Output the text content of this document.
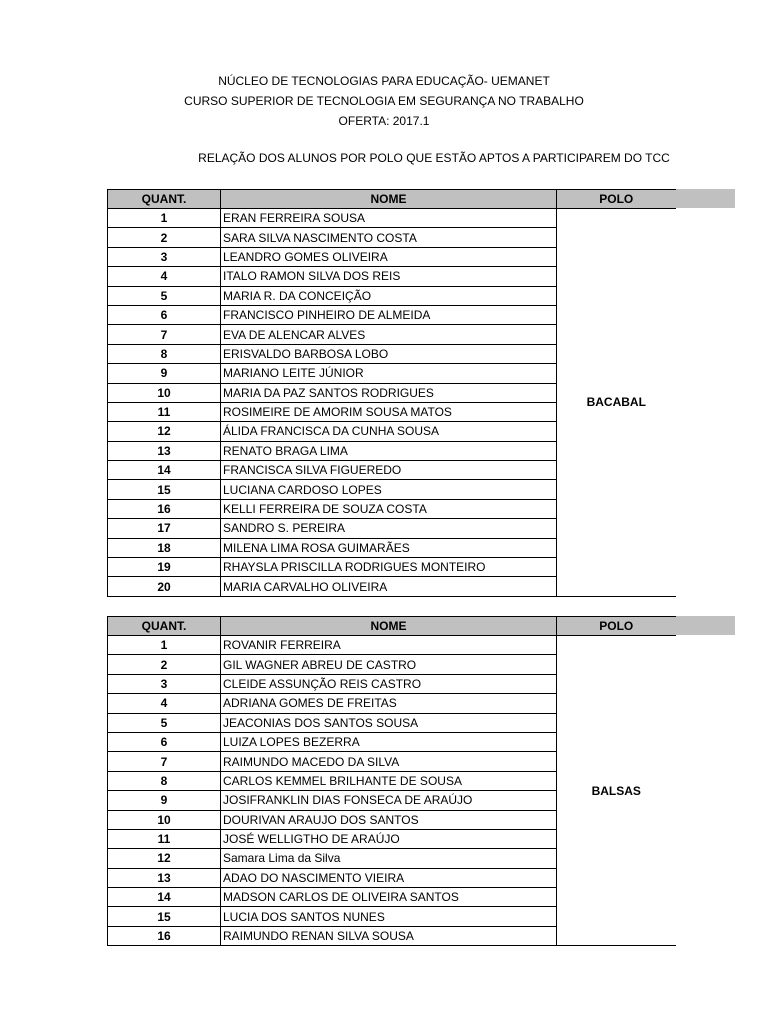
NÚCLEO DE TECNOLOGIAS PARA EDUCAÇÃO- UEMANET
CURSO SUPERIOR DE TECNOLOGIA EM SEGURANÇA NO TRABALHO
OFERTA: 2017.1
RELAÇÃO DOS ALUNOS POR POLO QUE ESTÃO APTOS A PARTICIPAREM DO TCC
QUANT.	NOME	POLO
1	ERAN FERREIRA SOUSA	BACABAL
2	SARA SILVA NASCIMENTO COSTA	
3	LEANDRO GOMES OLIVEIRA	
4	ITALO RAMON SILVA DOS REIS	
5	MARIA R. DA CONCEIÇÃO	
6	FRANCISCO PINHEIRO DE ALMEIDA	
7	EVA DE ALENCAR ALVES	
8	ERISVALDO BARBOSA LOBO	
9	MARIANO LEITE JÚNIOR	
10	MARIA DA PAZ SANTOS RODRIGUES	
11	ROSIMEIRE DE AMORIM SOUSA MATOS	
12	ÁLIDA FRANCISCA DA CUNHA SOUSA	
13	RENATO BRAGA LIMA	
14	FRANCISCA SILVA FIGUEREDO	
15	LUCIANA CARDOSO LOPES	
16	KELLI FERREIRA DE SOUZA COSTA	
17	SANDRO S. PEREIRA	
18	MILENA LIMA ROSA GUIMARÃES	
19	RHAYSLA PRISCILLA RODRIGUES MONTEIRO	
20	MARIA CARVALHO OLIVEIRA	
QUANT.	NOME	POLO
1	ROVANIR FERREIRA	BALSAS
2	GIL WAGNER ABREU DE CASTRO	
3	CLEIDE ASSUNÇÃO REIS CASTRO	
4	ADRIANA GOMES DE FREITAS	
5	JEACONIAS DOS SANTOS SOUSA	
6	LUIZA LOPES BEZERRA	
7	RAIMUNDO MACEDO DA SILVA	
8	CARLOS KEMMEL BRILHANTE DE SOUSA	
9	JOSIFRANKLIN DIAS FONSECA DE ARAÚJO	
10	DOURIVAN ARAUJO DOS SANTOS	
11	JOSÉ WELLIGTHO DE ARAÚJO	
12	Samara Lima da Silva	
13	ADAO DO NASCIMENTO VIEIRA	
14	MADSON CARLOS DE OLIVEIRA SANTOS	
15	LUCIA DOS SANTOS NUNES	
16	RAIMUNDO RENAN SILVA SOUSA	
